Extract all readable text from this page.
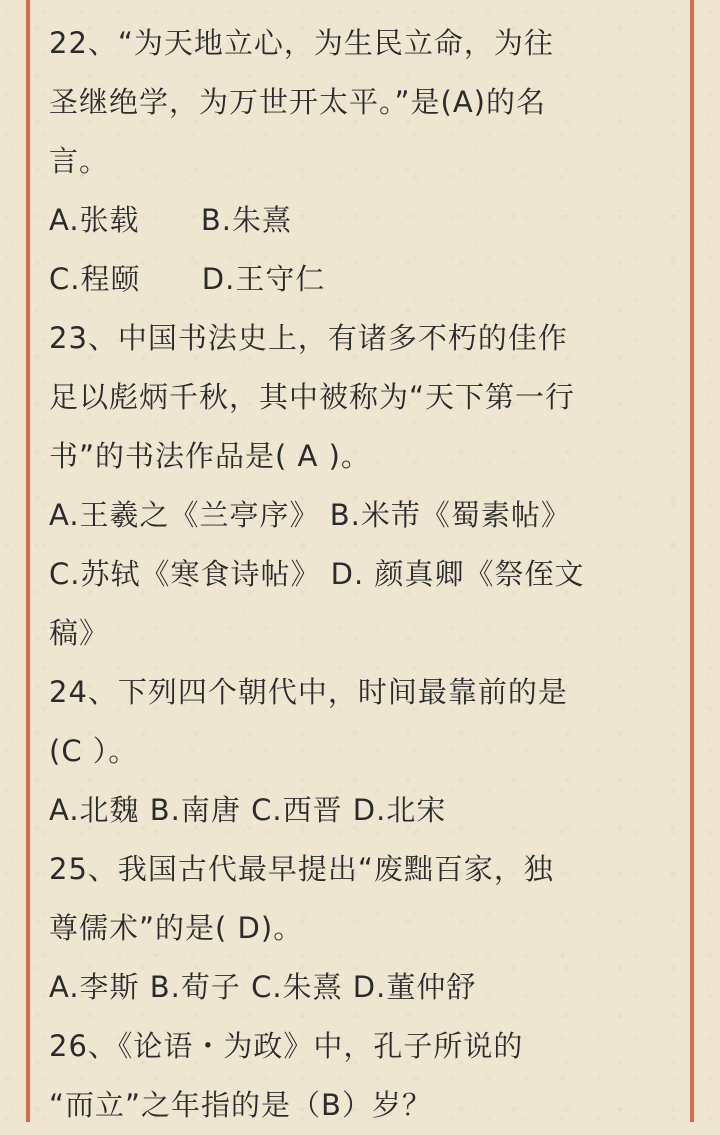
22、“为天地立心，为生民立命，为往
圣继绝学，为万世开太平。”是(A)的名
言。
A.张载      B.朱熹
C.程颐      D.王守仁
23、中国书法史上，有诸多不朽的佳作
足以彪炳千秋，其中被称为“天下第一行
书”的书法作品是( A )。
A.王羲之《兰亭序》 B.米芾《蜀素帖》
C.苏轼《寒食诗帖》 D. 颜真卿《祭侄文
稿》
24、下列四个朝代中，时间最靠前的是
(C ）。
A.北魏 B.南唐 C.西晋 D.北宋
25、我国古代最早提出“废黜百家，独
尊儒术”的是( D)。
A.李斯 B.荀子 C.朱熹 D.董仲舒
26、《论语・为政》中，孔子所说的
“而立”之年指的是（B）岁？
